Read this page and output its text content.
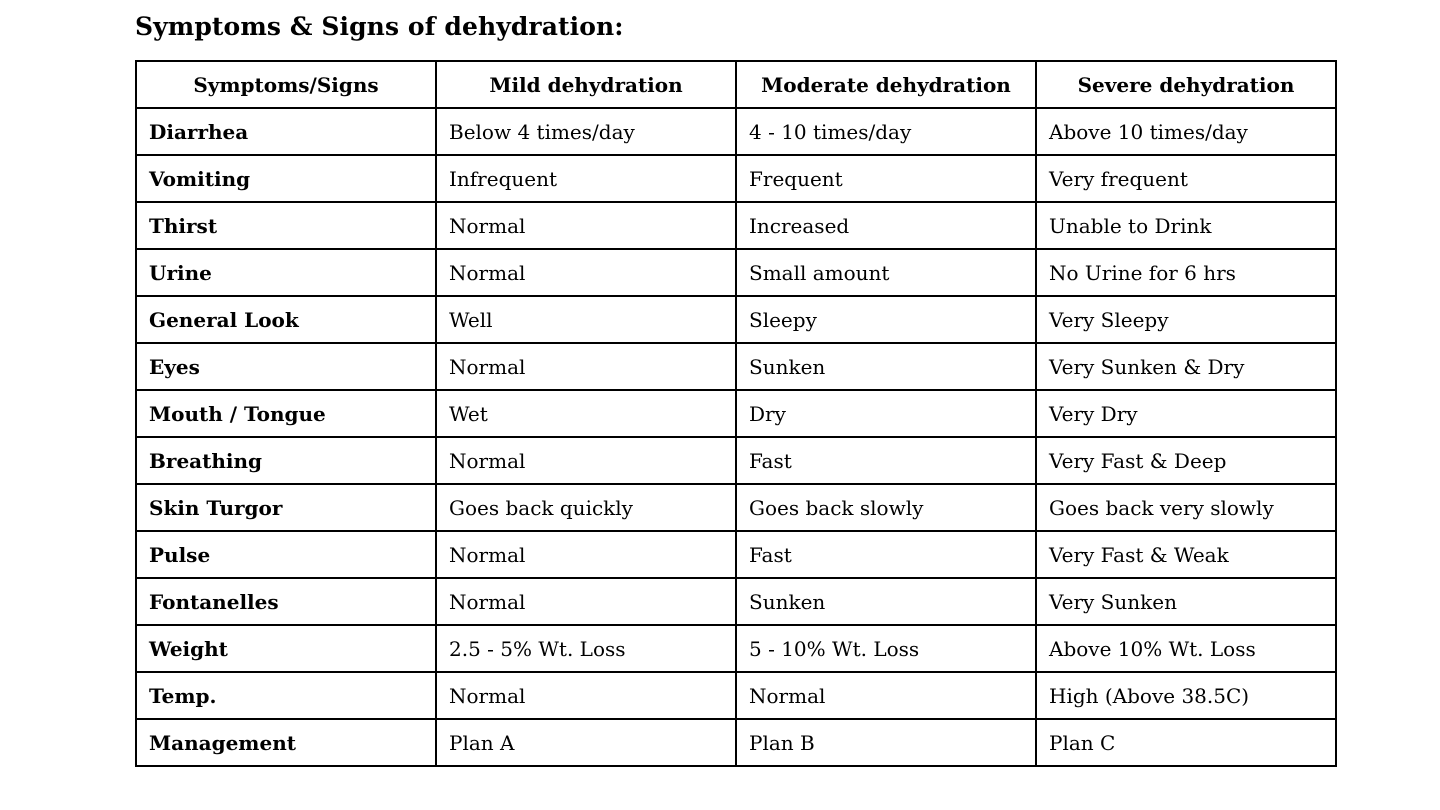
Symptoms & Signs of dehydration:
Symptoms/Signs	Mild dehydration	Moderate dehydration	Severe dehydration
Diarrhea	Below 4 times/day	4 - 10 times/day	Above 10 times/day
Vomiting	Infrequent	Frequent	Very frequent
Thirst	Normal	Increased	Unable to Drink
Urine	Normal	Small amount	No Urine for 6 hrs
General Look	Well	Sleepy	Very Sleepy
Eyes	Normal	Sunken	Very Sunken & Dry
Mouth / Tongue	Wet	Dry	Very Dry
Breathing	Normal	Fast	Very Fast & Deep
Skin Turgor	Goes back quickly	Goes back slowly	Goes back very slowly
Pulse	Normal	Fast	Very Fast & Weak
Fontanelles	Normal	Sunken	Very Sunken
Weight	2.5 - 5% Wt. Loss	5 - 10% Wt. Loss	Above 10% Wt. Loss
Temp.	Normal	Normal	High (Above 38.5C)
Management	Plan A	Plan B	Plan C
